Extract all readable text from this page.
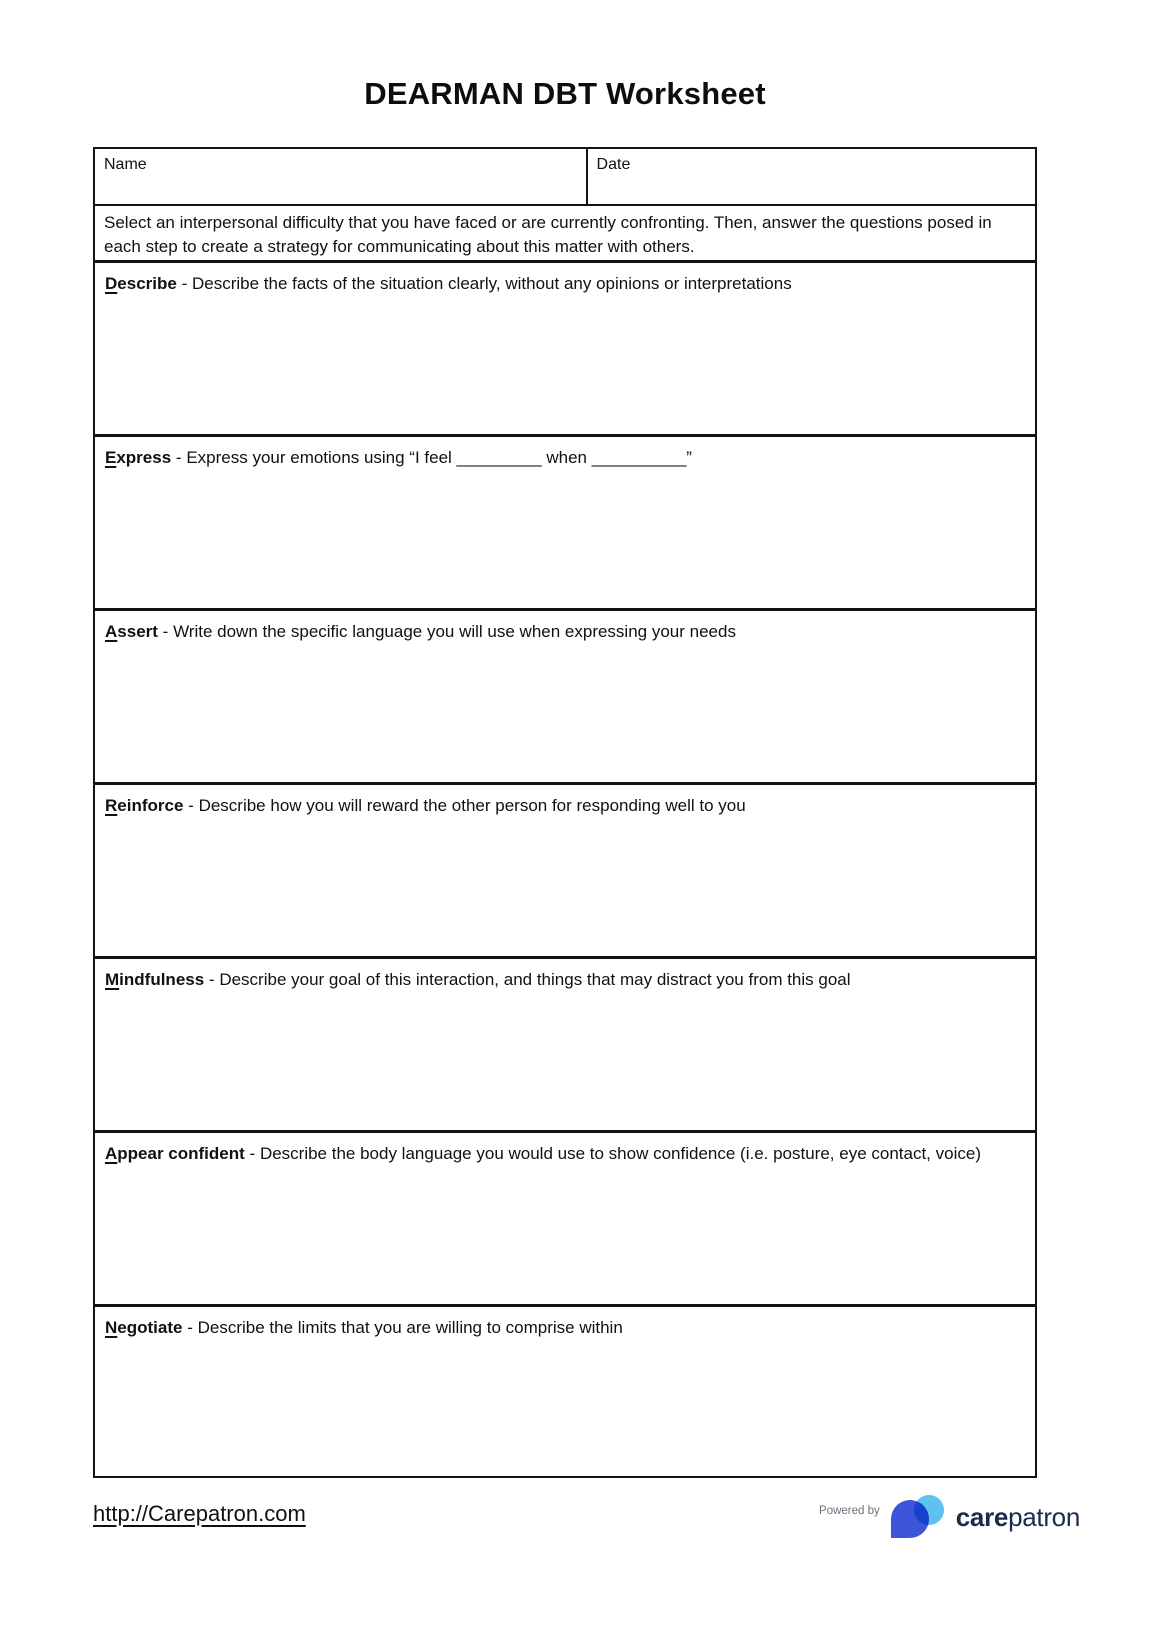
DEARMAN DBT Worksheet
Name	Date
Select an interpersonal difficulty that you have faced or are currently confronting. Then, answer the questions posed in each step to create a strategy for communicating about this matter with others.

Describe - Describe the facts of the situation clearly, without any opinions or interpretations

Express - Express your emotions using “I feel _________ when __________”

Assert - Write down the specific language you will use when expressing your needs

Reinforce - Describe how you will reward the other person for responding well to you

Mindfulness - Describe your goal of this interaction, and things that may distract you from this goal

Appear confident - Describe the body language you would use to show confidence (i.e. posture, eye contact, voice)

Negotiate - Describe the limits that you are willing to comprise within

http://Carepatron.com	Powered by	carepatron
